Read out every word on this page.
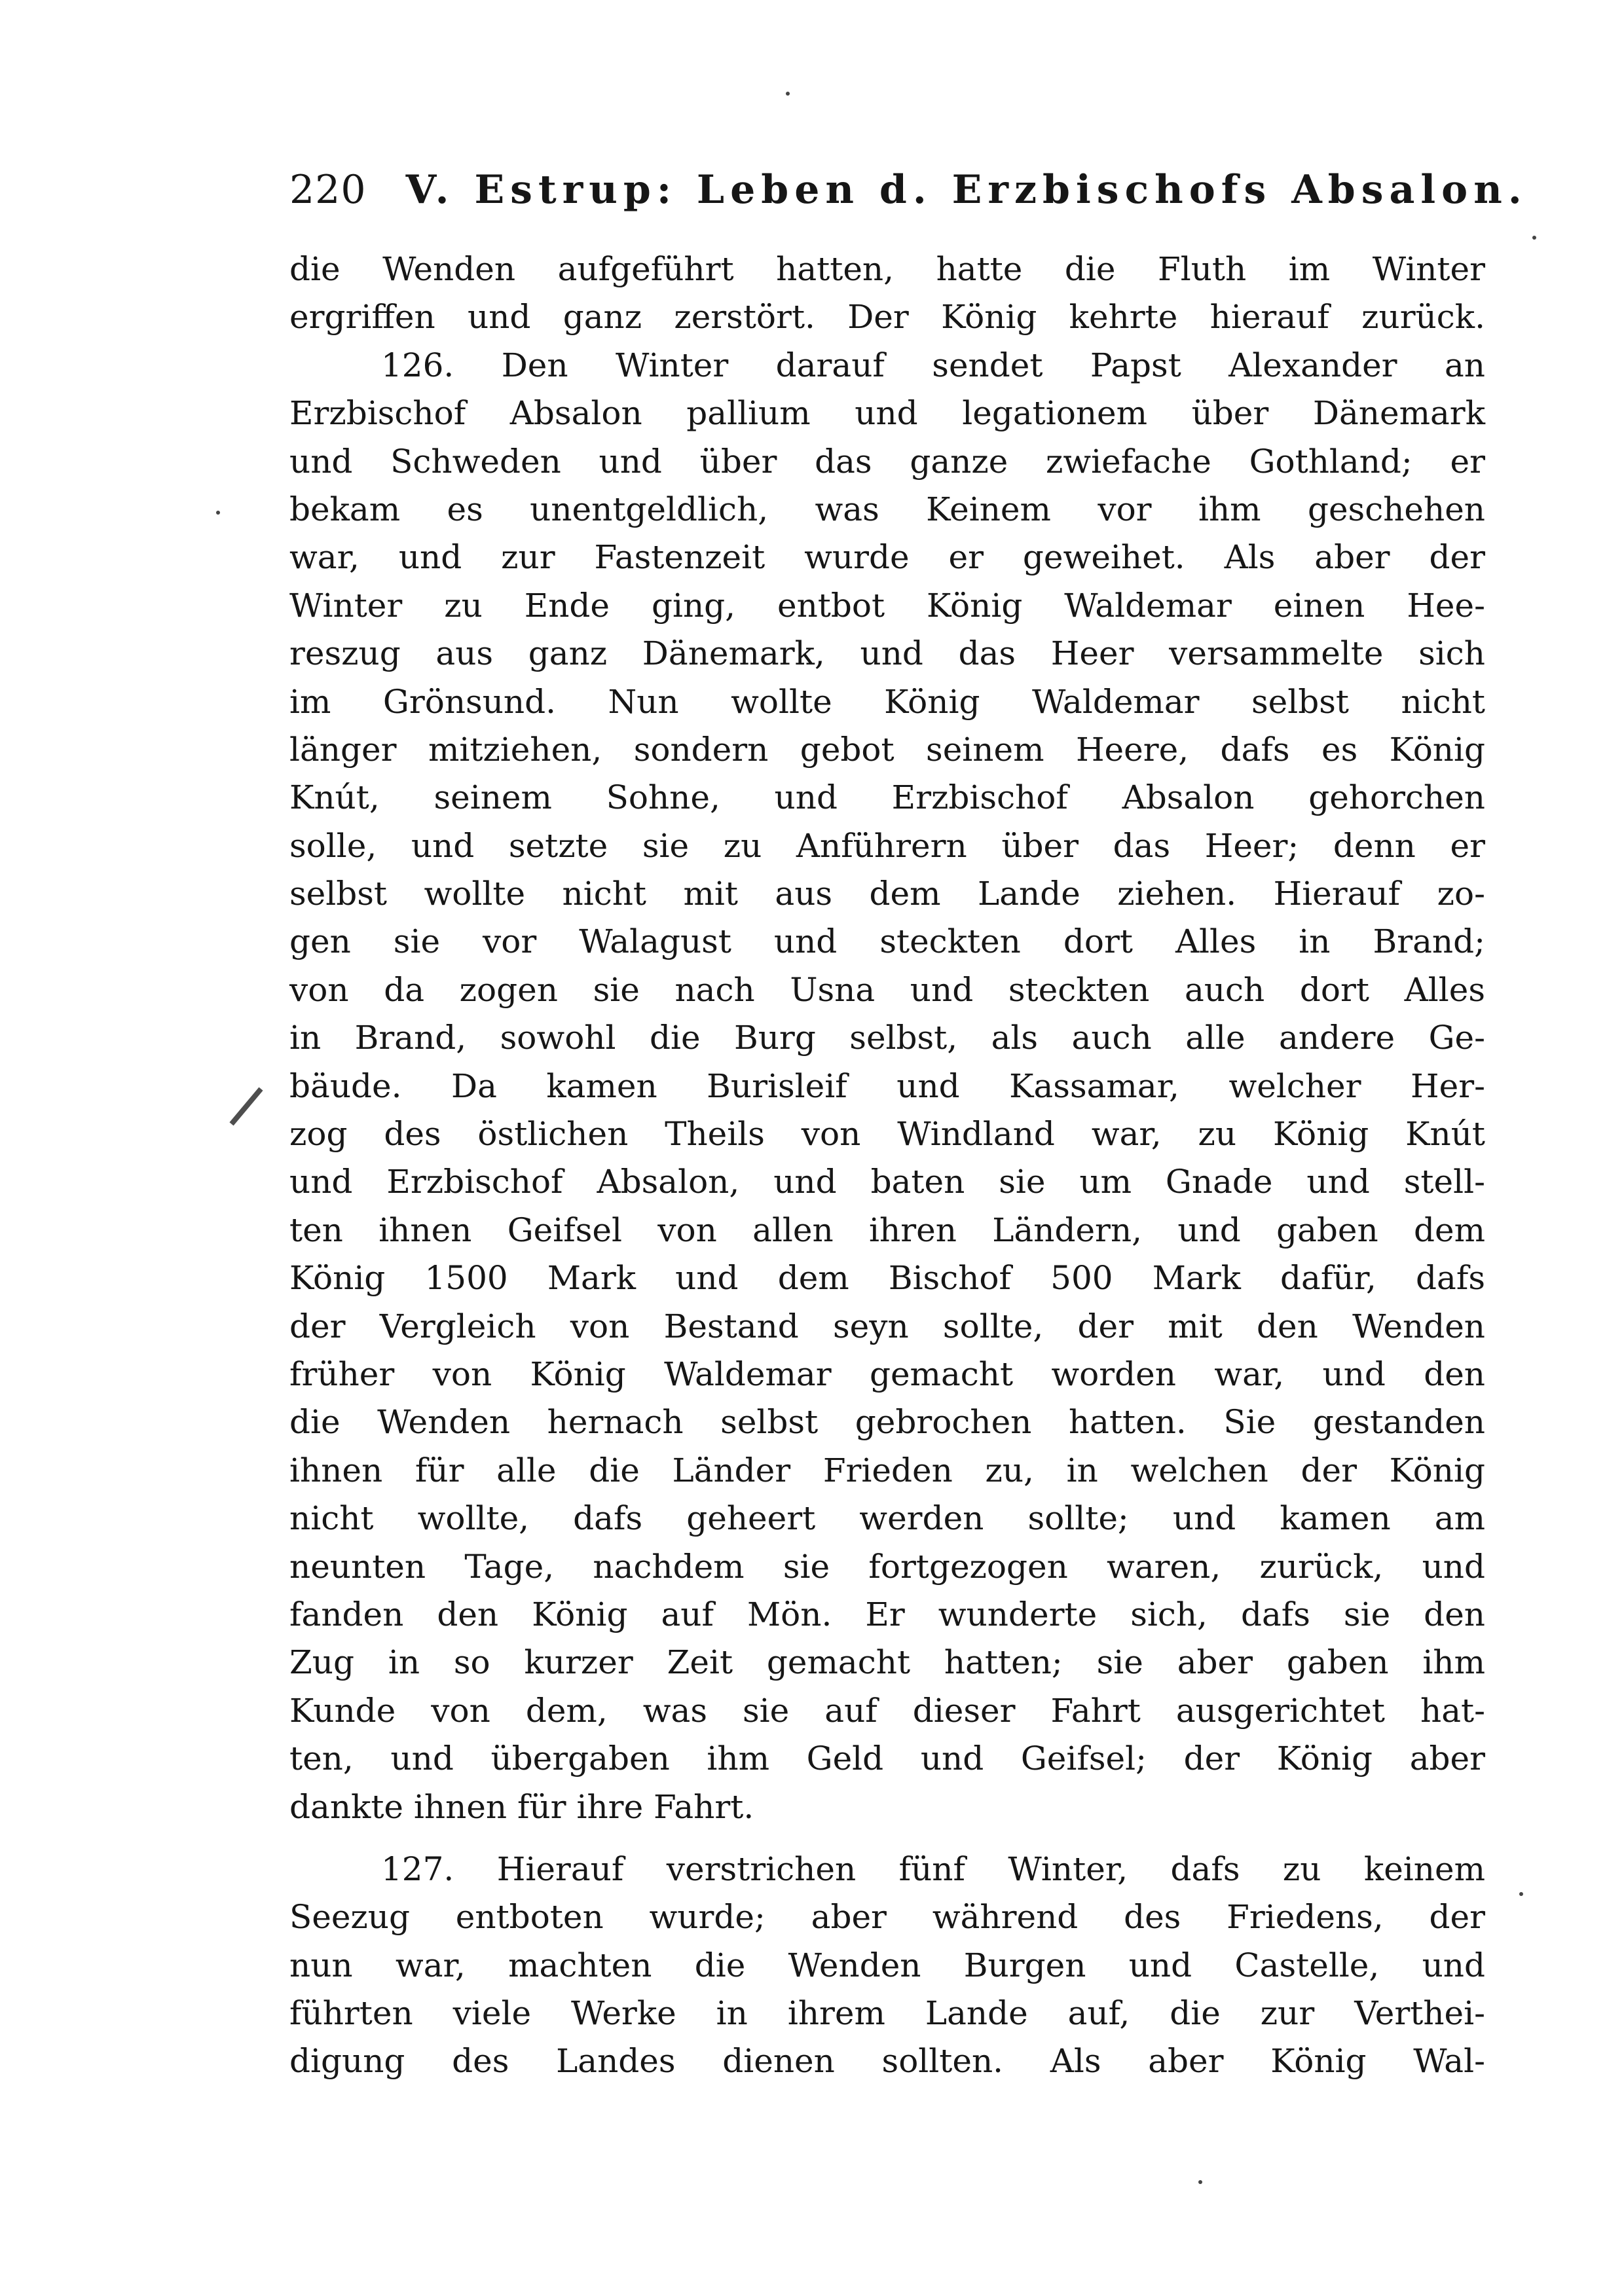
220 V. Estrup: Leben d. Erzbischofs Absalon.
die Wenden aufgeführt hatten, hatte die Fluth im Winter
ergriffen und ganz zerstört. Der König kehrte hierauf zurück.
126. Den Winter darauf sendet Papst Alexander an
Erzbischof Absalon pallium und legationem über Dänemark
und Schweden und über das ganze zwiefache Gothland; er
bekam es unentgeldlich, was Keinem vor ihm geschehen
war, und zur Fastenzeit wurde er geweihet. Als aber der
Winter zu Ende ging, entbot König Waldemar einen Hee-
reszug aus ganz Dänemark, und das Heer versammelte sich
im Grönsund. Nun wollte König Waldemar selbst nicht
länger mitziehen, sondern gebot seinem Heere, dafs es König
Knút, seinem Sohne, und Erzbischof Absalon gehorchen
solle, und setzte sie zu Anführern über das Heer; denn er
selbst wollte nicht mit aus dem Lande ziehen. Hierauf zo-
gen sie vor Walagust und steckten dort Alles in Brand;
von da zogen sie nach Usna und steckten auch dort Alles
in Brand, sowohl die Burg selbst, als auch alle andere Ge-
bäude. Da kamen Burisleif und Kassamar, welcher Her-
zog des östlichen Theils von Windland war, zu König Knút
und Erzbischof Absalon, und baten sie um Gnade und stell-
ten ihnen Geifsel von allen ihren Ländern, und gaben dem
König 1500 Mark und dem Bischof 500 Mark dafür, dafs
der Vergleich von Bestand seyn sollte, der mit den Wenden
früher von König Waldemar gemacht worden war, und den
die Wenden hernach selbst gebrochen hatten. Sie gestanden
ihnen für alle die Länder Frieden zu, in welchen der König
nicht wollte, dafs geheert werden sollte; und kamen am
neunten Tage, nachdem sie fortgezogen waren, zurück, und
fanden den König auf Mön. Er wunderte sich, dafs sie den
Zug in so kurzer Zeit gemacht hatten; sie aber gaben ihm
Kunde von dem, was sie auf dieser Fahrt ausgerichtet hat-
ten, und übergaben ihm Geld und Geifsel; der König aber
dankte ihnen für ihre Fahrt.
127. Hierauf verstrichen fünf Winter, dafs zu keinem
Seezug entboten wurde; aber während des Friedens, der
nun war, machten die Wenden Burgen und Castelle, und
führten viele Werke in ihrem Lande auf, die zur Verthei-
digung des Landes dienen sollten. Als aber König Wal-
